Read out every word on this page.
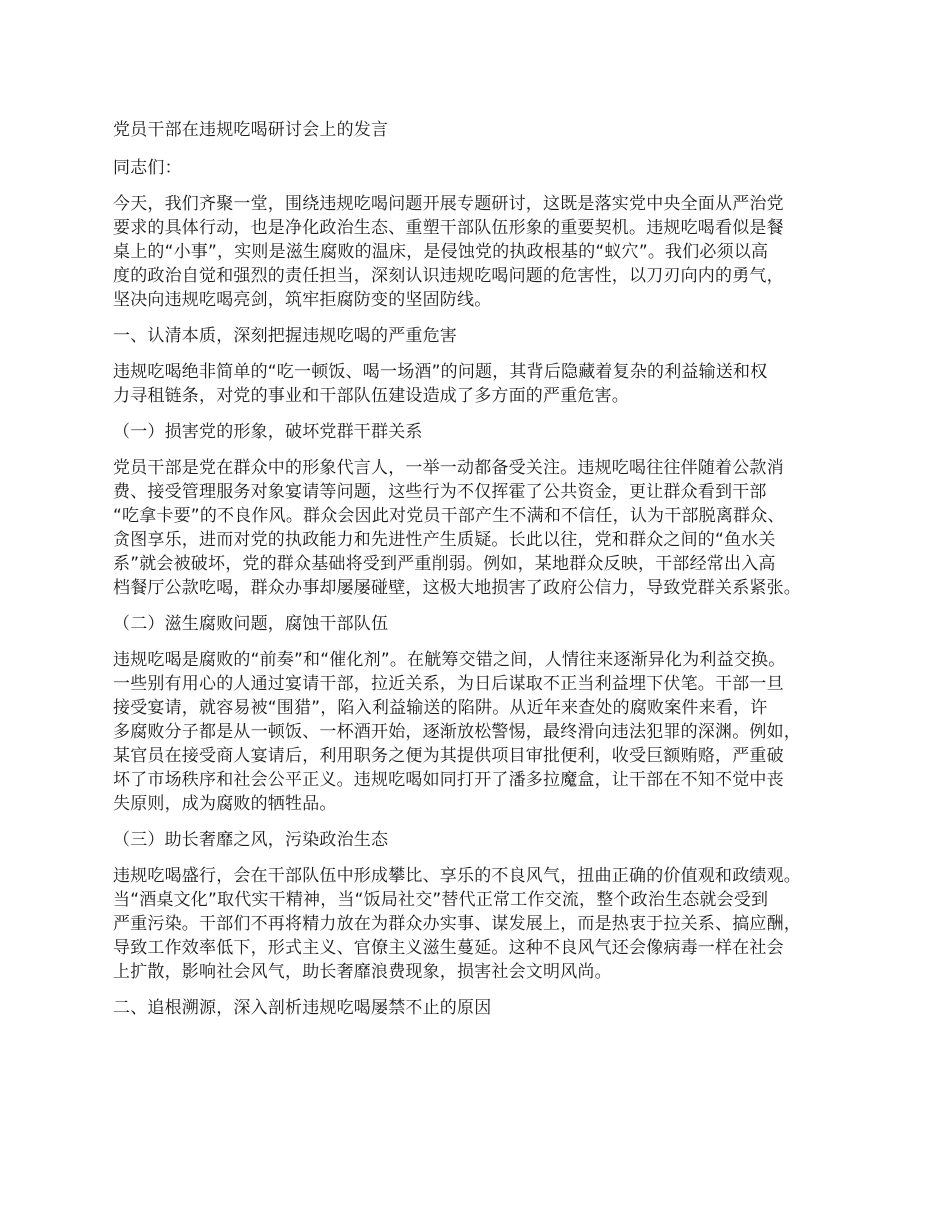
党员干部在违规吃喝研讨会上的发言

同志们：

今天，我们齐聚一堂，围绕违规吃喝问题开展专题研讨，这既是落实党中央全面从严治党
要求的具体行动，也是净化政治生态、重塑干部队伍形象的重要契机。违规吃喝看似是餐
桌上的“小事”，实则是滋生腐败的温床，是侵蚀党的执政根基的“蚁穴”。我们必须以高
度的政治自觉和强烈的责任担当，深刻认识违规吃喝问题的危害性，以刀刃向内的勇气，
坚决向违规吃喝亮剑，筑牢拒腐防变的坚固防线。

一、认清本质，深刻把握违规吃喝的严重危害

违规吃喝绝非简单的“吃一顿饭、喝一场酒”的问题，其背后隐藏着复杂的利益输送和权
力寻租链条，对党的事业和干部队伍建设造成了多方面的严重危害。

（一）损害党的形象，破坏党群干群关系

党员干部是党在群众中的形象代言人，一举一动都备受关注。违规吃喝往往伴随着公款消
费、接受管理服务对象宴请等问题，这些行为不仅挥霍了公共资金，更让群众看到干部
“吃拿卡要”的不良作风。群众会因此对党员干部产生不满和不信任，认为干部脱离群众、
贪图享乐，进而对党的执政能力和先进性产生质疑。长此以往，党和群众之间的“鱼水关
系”就会被破坏，党的群众基础将受到严重削弱。例如，某地群众反映，干部经常出入高
档餐厅公款吃喝，群众办事却屡屡碰壁，这极大地损害了政府公信力，导致党群关系紧张。

（二）滋生腐败问题，腐蚀干部队伍

违规吃喝是腐败的“前奏”和“催化剂”。在觥筹交错之间，人情往来逐渐异化为利益交换。
一些别有用心的人通过宴请干部，拉近关系，为日后谋取不正当利益埋下伏笔。干部一旦
接受宴请，就容易被“围猎”，陷入利益输送的陷阱。从近年来查处的腐败案件来看，许
多腐败分子都是从一顿饭、一杯酒开始，逐渐放松警惕，最终滑向违法犯罪的深渊。例如，
某官员在接受商人宴请后，利用职务之便为其提供项目审批便利，收受巨额贿赂，严重破
坏了市场秩序和社会公平正义。违规吃喝如同打开了潘多拉魔盒，让干部在不知不觉中丧
失原则，成为腐败的牺牲品。

（三）助长奢靡之风，污染政治生态

违规吃喝盛行，会在干部队伍中形成攀比、享乐的不良风气，扭曲正确的价值观和政绩观。
当“酒桌文化”取代实干精神，当“饭局社交”替代正常工作交流，整个政治生态就会受到
严重污染。干部们不再将精力放在为群众办实事、谋发展上，而是热衷于拉关系、搞应酬，
导致工作效率低下，形式主义、官僚主义滋生蔓延。这种不良风气还会像病毒一样在社会
上扩散，影响社会风气，助长奢靡浪费现象，损害社会文明风尚。

二、追根溯源，深入剖析违规吃喝屡禁不止的原因
